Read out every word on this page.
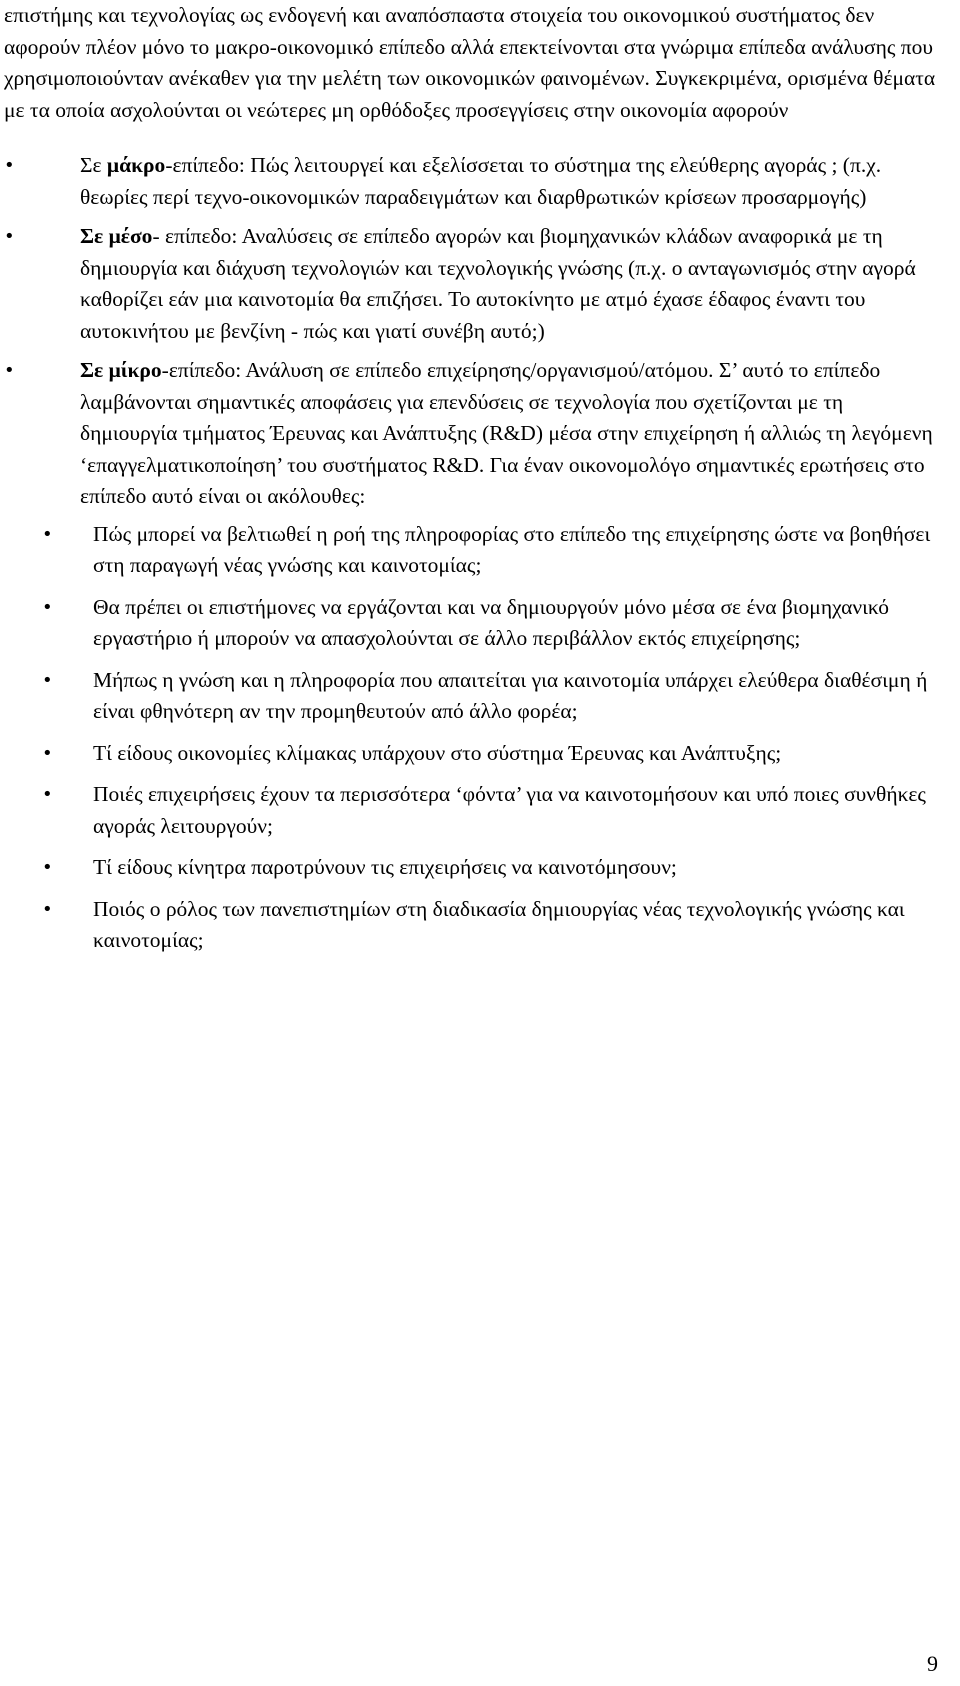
επιστήμης και τεχνολογίας ως ενδογενή και αναπόσπαστα στοιχεία του οικονομικού συστήματος δεν αφορούν πλέον μόνο το μακρο-οικονομικό επίπεδο αλλά επεκτείνονται στα γνώριμα επίπεδα ανάλυσης που χρησιμοποιούνταν ανέκαθεν για την μελέτη των οικονομικών φαινομένων. Συγκεκριμένα, ορισμένα θέματα με τα οποία ασχολούνται οι νεώτερες μη ορθόδοξες προσεγγίσεις στην οικονομία αφορούν

•	Σε μάκρο-επίπεδο: Πώς λειτουργεί και εξελίσσεται το σύστημα της ελεύθερης αγοράς ; (π.χ. θεωρίες περί τεχνο-οικονομικών παραδειγμάτων και διαρθρωτικών κρίσεων προσαρμογής)
•	Σε μέσο- επίπεδο: Αναλύσεις σε επίπεδο αγορών και βιομηχανικών κλάδων αναφορικά με τη δημιουργία και διάχυση τεχνολογιών και τεχνολογικής γνώσης (π.χ. ο ανταγωνισμός στην αγορά καθορίζει εάν μια καινοτομία θα επιζήσει. Το αυτοκίνητο με ατμό έχασε έδαφος έναντι του αυτοκινήτου με βενζίνη - πώς και γιατί συνέβη αυτό;)
•	Σε μίκρο-επίπεδο: Ανάλυση σε επίπεδο επιχείρησης/οργανισμού/ατόμου. Σ’ αυτό το επίπεδο λαμβάνονται σημαντικές αποφάσεις για επενδύσεις σε τεχνολογία που σχετίζονται με τη δημιουργία τμήματος Έρευνας και Ανάπτυξης (R&D) μέσα στην επιχείρηση ή αλλιώς τη λεγόμενη ‘επαγγελματικοποίηση’ του συστήματος R&D. Για έναν οικονομολόγο σημαντικές ερωτήσεις στο επίπεδο αυτό είναι οι ακόλουθες:
•	Πώς μπορεί να βελτιωθεί η ροή της πληροφορίας στο επίπεδο της επιχείρησης ώστε να βοηθήσει στη παραγωγή νέας γνώσης και καινοτομίας;
•	Θα πρέπει οι επιστήμονες να εργάζονται και να δημιουργούν μόνο μέσα σε ένα βιομηχανικό εργαστήριο ή μπορούν να απασχολούνται σε άλλο περιβάλλον εκτός επιχείρησης;
•	Μήπως η γνώση και η πληροφορία που απαιτείται για καινοτομία υπάρχει ελεύθερα διαθέσιμη ή είναι φθηνότερη αν την προμηθευτούν από άλλο φορέα;
•	Τί είδους οικονομίες κλίμακας υπάρχουν στο σύστημα Έρευνας και Ανάπτυξης;
•	Ποιές επιχειρήσεις έχουν τα περισσότερα ‘φόντα’ για να καινοτομήσουν και υπό ποιες συνθήκες αγοράς λειτουργούν;
•	Τί είδους κίνητρα παροτρύνουν τις επιχειρήσεις να καινοτόμησουν;
•	Ποιός ο ρόλος των πανεπιστημίων στη διαδικασία δημιουργίας νέας τεχνολογικής γνώσης και καινοτομίας;
9
